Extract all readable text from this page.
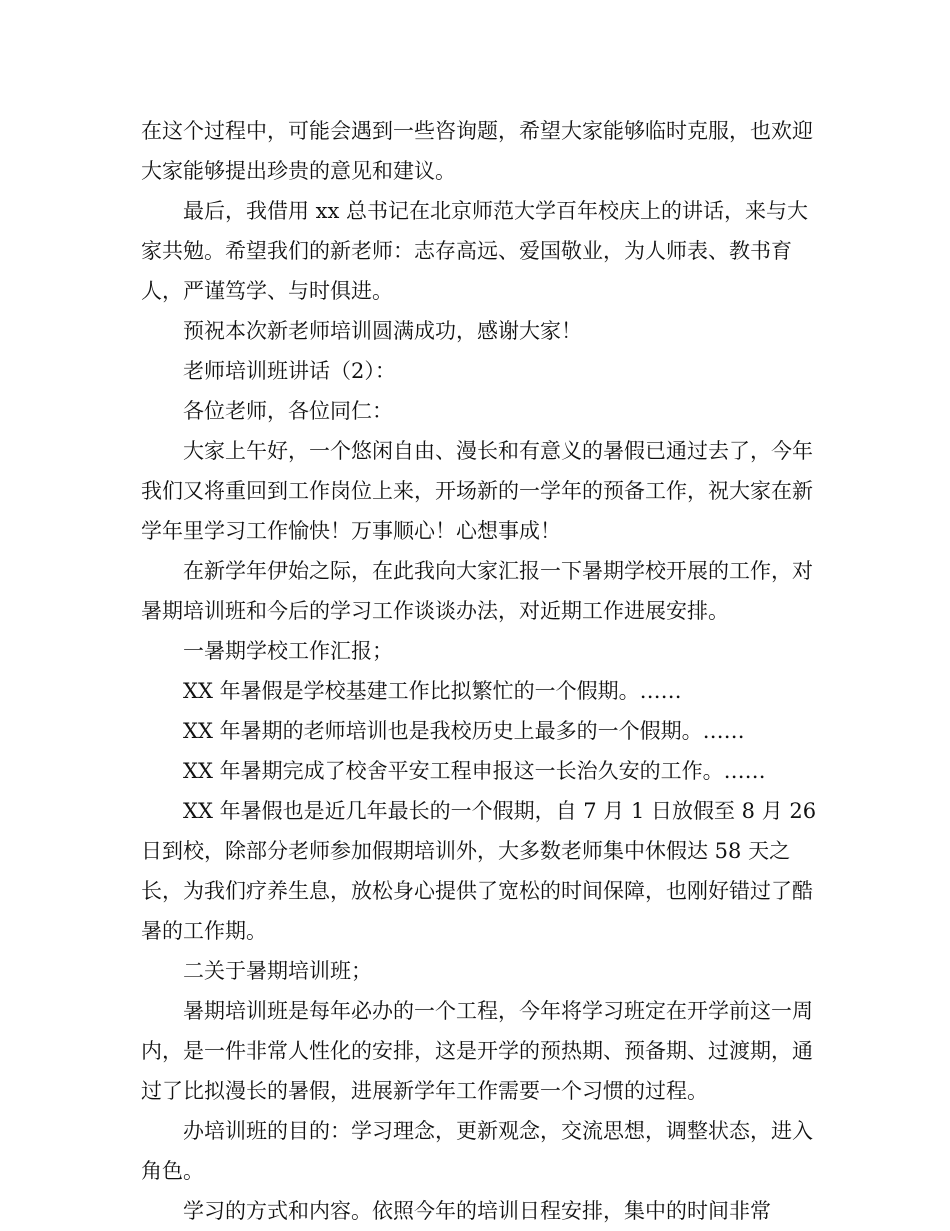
在这个过程中，可能会遇到一些咨询题，希望大家能够临时克服，也欢迎大家能够提出珍贵的意见和建议。

最后，我借用 xx 总书记在北京师范大学百年校庆上的讲话，来与大家共勉。希望我们的新老师：志存高远、爱国敬业，为人师表、教书育人，严谨笃学、与时俱进。

预祝本次新老师培训圆满成功，感谢大家！

老师培训班讲话（2）：

各位老师，各位同仁：

大家上午好，一个悠闲自由、漫长和有意义的暑假已通过去了，今年我们又将重回到工作岗位上来，开场新的一学年的预备工作，祝大家在新学年里学习工作愉快！万事顺心！心想事成！

在新学年伊始之际，在此我向大家汇报一下暑期学校开展的工作，对暑期培训班和今后的学习工作谈谈办法，对近期工作进展安排。

一暑期学校工作汇报；

XX 年暑假是学校基建工作比拟繁忙的一个假期。……

XX 年暑期的老师培训也是我校历史上最多的一个假期。……

XX 年暑期完成了校舍平安工程申报这一长治久安的工作。……

XX 年暑假也是近几年最长的一个假期，自 7 月 1 日放假至 8 月 26 日到校，除部分老师参加假期培训外，大多数老师集中休假达 58 天之长，为我们疗养生息，放松身心提供了宽松的时间保障，也刚好错过了酷暑的工作期。

二关于暑期培训班；

暑期培训班是每年必办的一个工程，今年将学习班定在开学前这一周内，是一件非常人性化的安排，这是开学的预热期、预备期、过渡期，通过了比拟漫长的暑假，进展新学年工作需要一个习惯的过程。

办培训班的目的：学习理念，更新观念，交流思想，调整状态，进入角色。

学习的方式和内容。依照今年的培训日程安排，集中的时间非常
